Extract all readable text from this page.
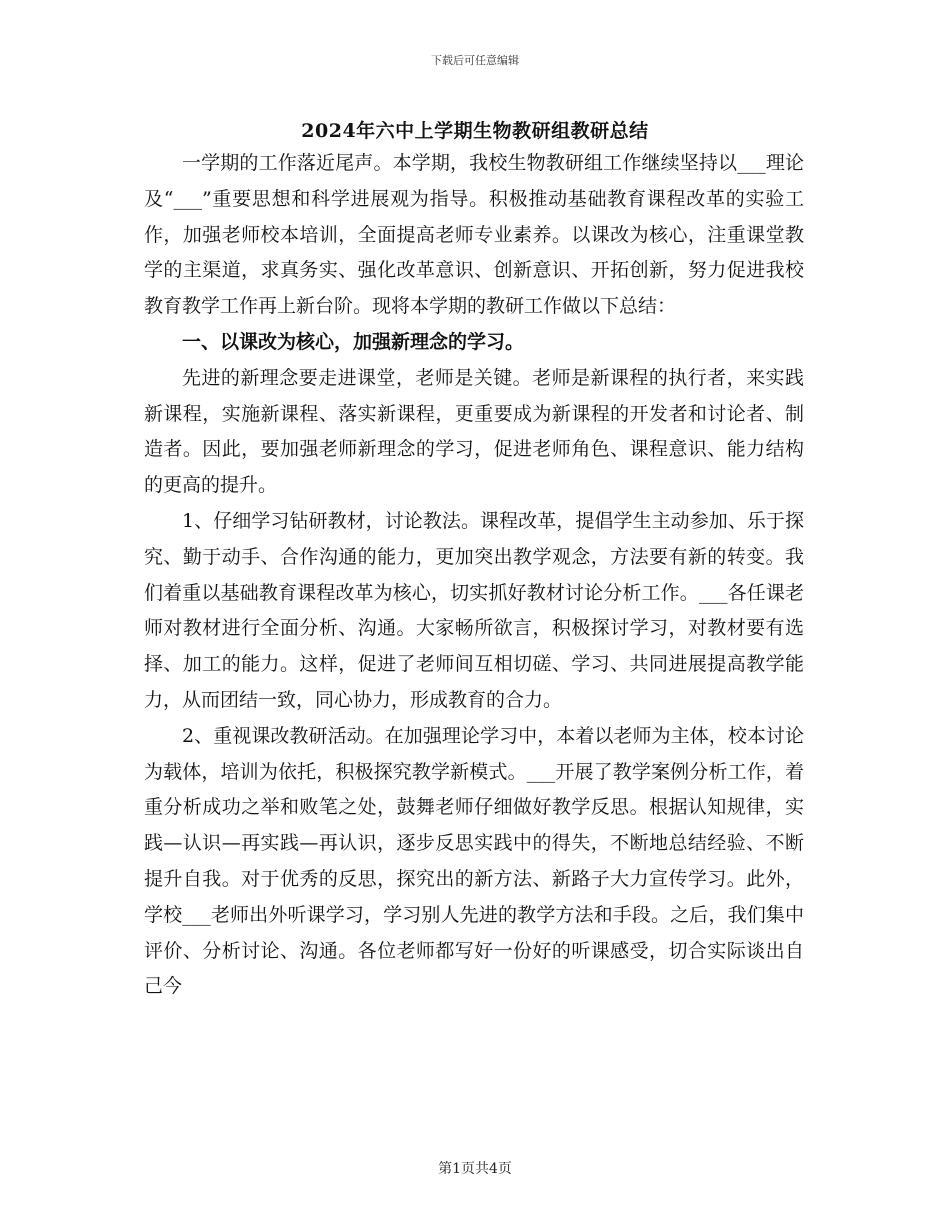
下载后可任意编辑
2024年六中上学期生物教研组教研总结

一学期的工作落近尾声。本学期，我校生物教研组工作继续坚持以___理论及“___”重要思想和科学进展观为指导。积极推动基础教育课程改革的实验工作，加强老师校本培训，全面提高老师专业素养。以课改为核心，注重课堂教学的主渠道，求真务实、强化改革意识、创新意识、开拓创新，努力促进我校教育教学工作再上新台阶。现将本学期的教研工作做以下总结：

一、以课改为核心，加强新理念的学习。

先进的新理念要走进课堂，老师是关键。老师是新课程的执行者，来实践新课程，实施新课程、落实新课程，更重要成为新课程的开发者和讨论者、制造者。因此，要加强老师新理念的学习，促进老师角色、课程意识、能力结构的更高的提升。

1、仔细学习钻研教材，讨论教法。课程改革，提倡学生主动参加、乐于探究、勤于动手、合作沟通的能力，更加突出教学观念，方法要有新的转变。我们着重以基础教育课程改革为核心，切实抓好教材讨论分析工作。___各任课老师对教材进行全面分析、沟通。大家畅所欲言，积极探讨学习，对教材要有选择、加工的能力。这样，促进了老师间互相切磋、学习、共同进展提高教学能力，从而团结一致，同心协力，形成教育的合力。

2、重视课改教研活动。在加强理论学习中，本着以老师为主体，校本讨论为载体，培训为依托，积极探究教学新模式。___开展了教学案例分析工作，着重分析成功之举和败笔之处，鼓舞老师仔细做好教学反思。根据认知规律，实践—认识—再实践—再认识，逐步反思实践中的得失，不断地总结经验、不断提升自我。对于优秀的反思，探究出的新方法、新路子大力宣传学习。此外，学校___老师出外听课学习，学习别人先进的教学方法和手段。之后，我们集中评价、分析讨论、沟通。各位老师都写好一份好的听课感受，切合实际谈出自己今

第1页共4页
